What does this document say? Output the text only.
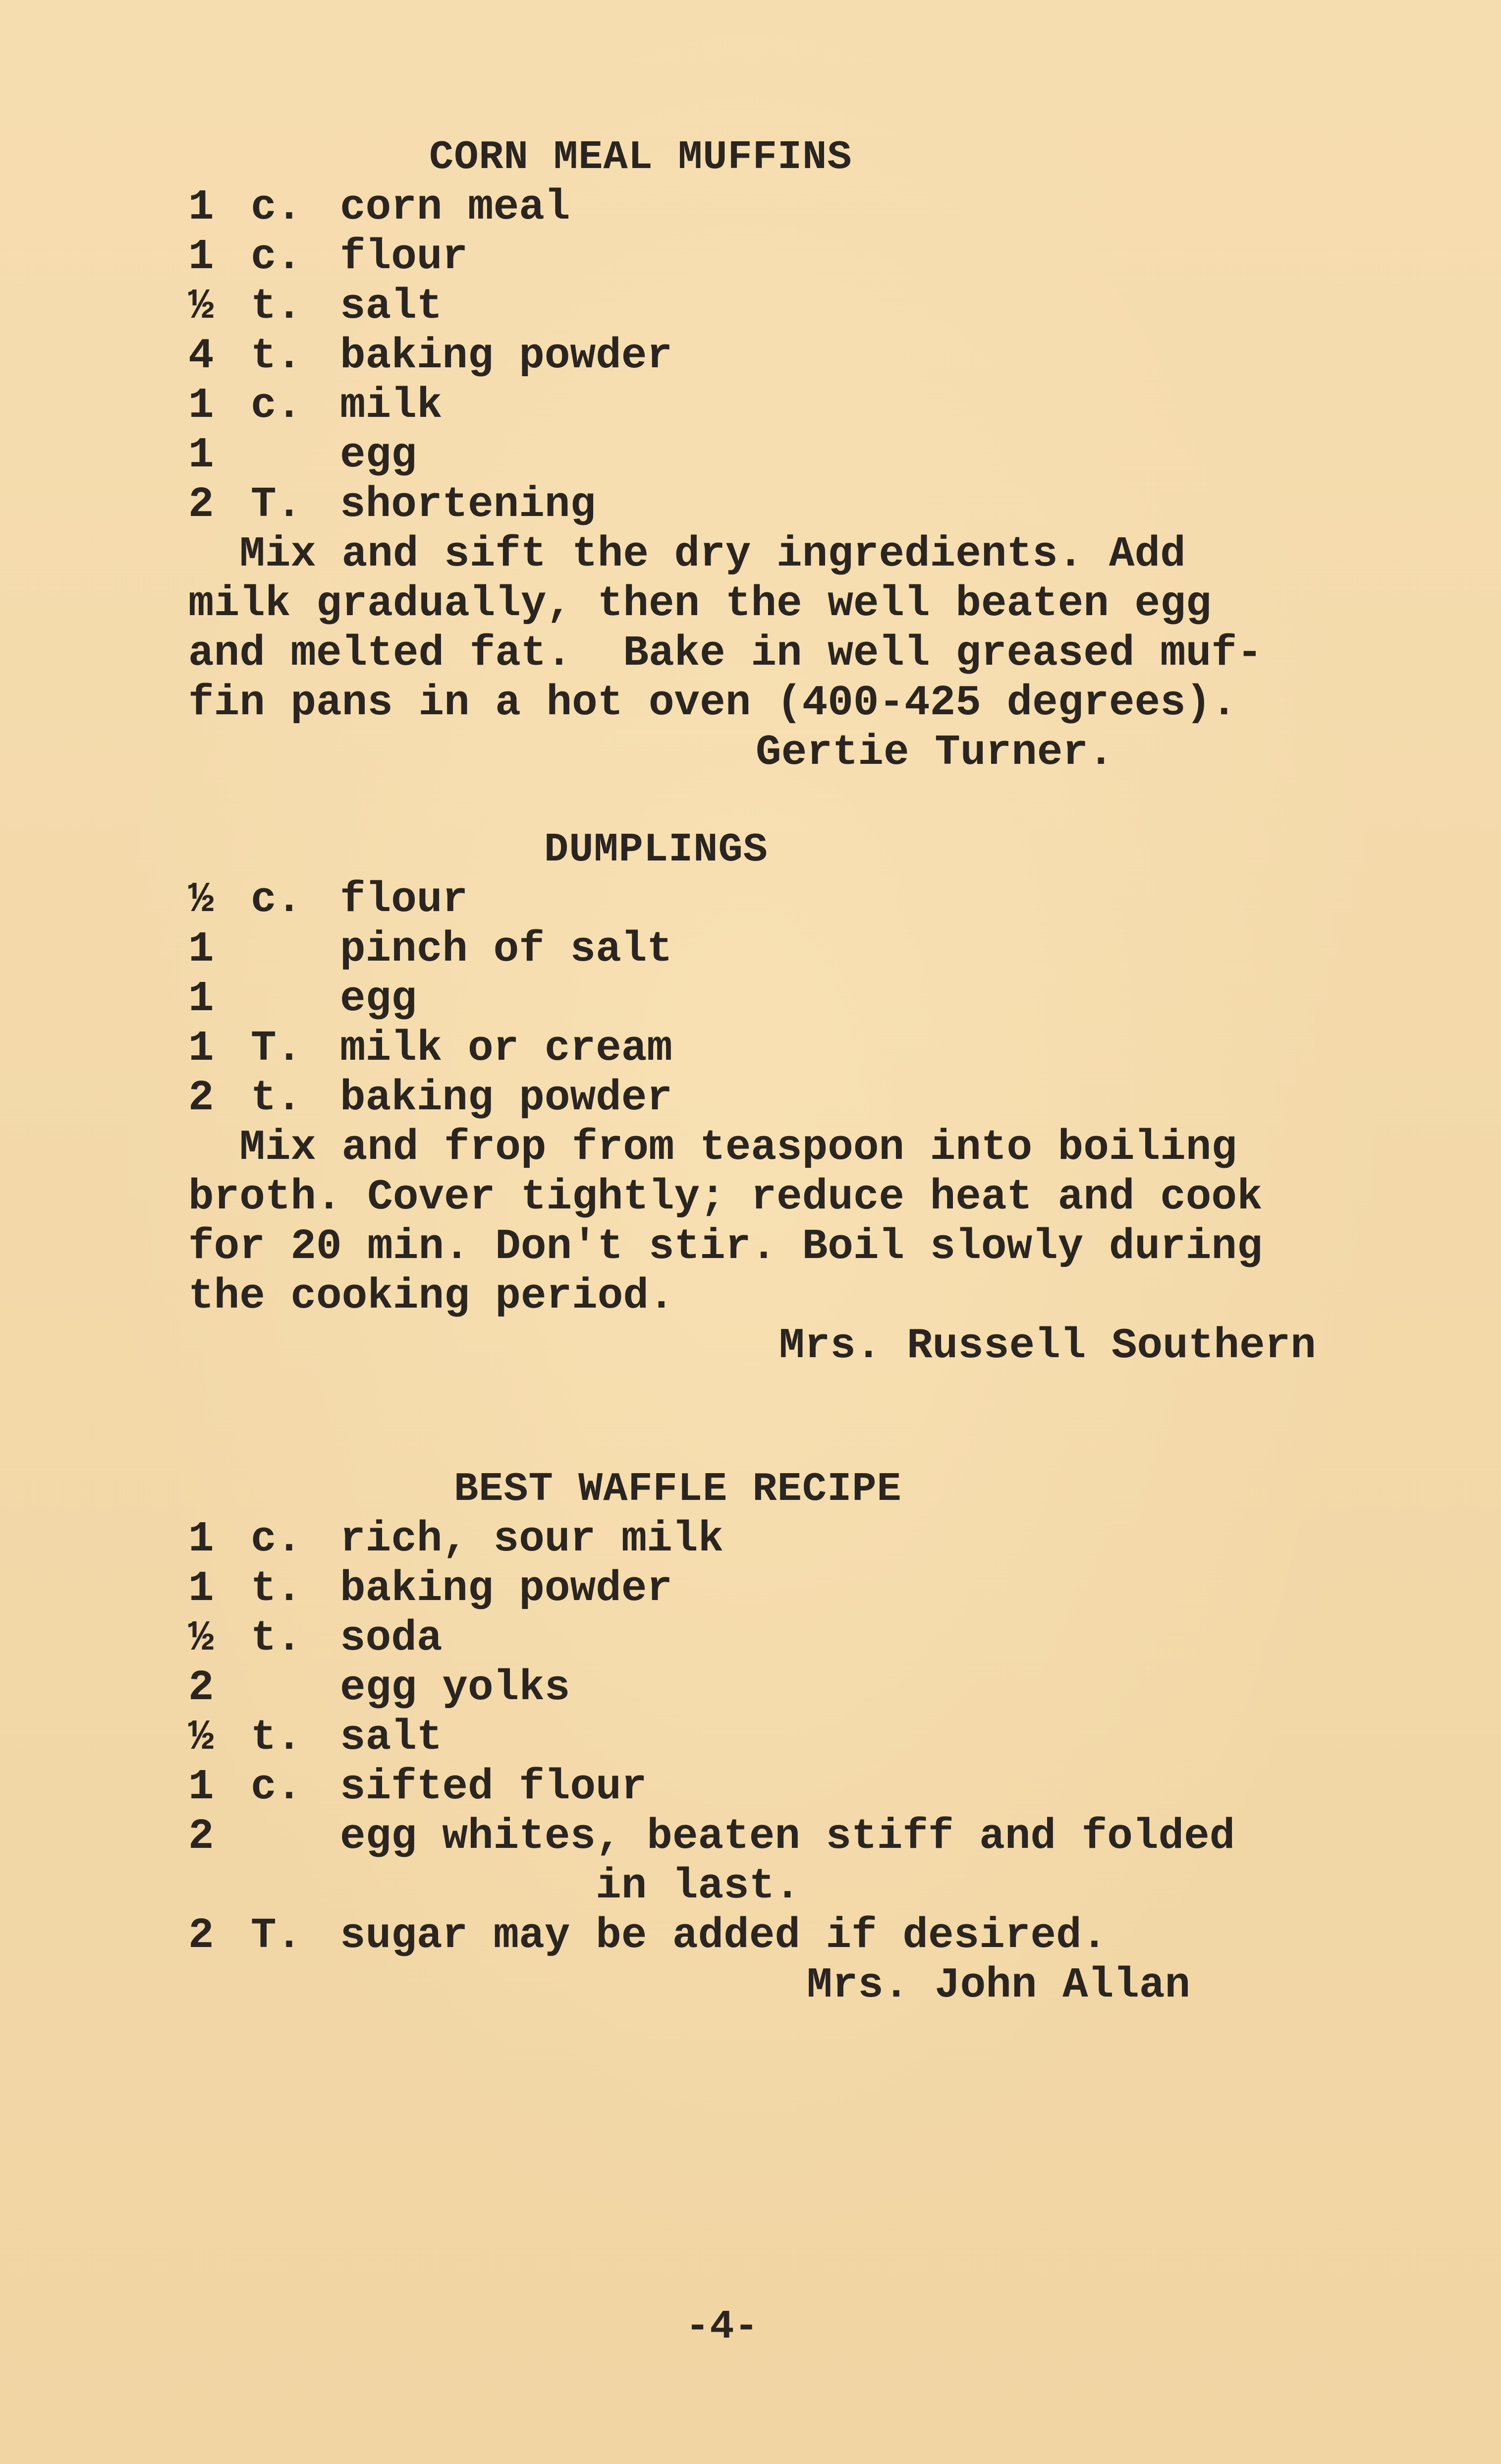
CORN MEAL MUFFINS
1 c. corn meal
1 c. flour
½ t. salt
4 t. baking powder
1 c. milk
1	egg
2 T. shortening
Mix and sift the dry ingredients. Add
milk gradually, then the well beaten egg
and melted fat.  Bake in well greased muf-
fin pans in a hot oven (400-425 degrees).
Gertie Turner.
DUMPLINGS
½ c. flour
1	pinch of salt
1	egg
1 T. milk or cream
2 t. baking powder
Mix and frop from teaspoon into boiling
broth. Cover tightly; reduce heat and cook
for 20 min. Don't stir. Boil slowly during
the cooking period.
Mrs. Russell Southern
BEST WAFFLE RECIPE
1 c. rich, sour milk
1 t. baking powder
½ t. soda
2	egg yolks
½ t. salt
1 c. sifted flour
2	egg whites, beaten stiff and folded
in last.
2 T. sugar may be added if desired.
Mrs. John Allan
-4-
